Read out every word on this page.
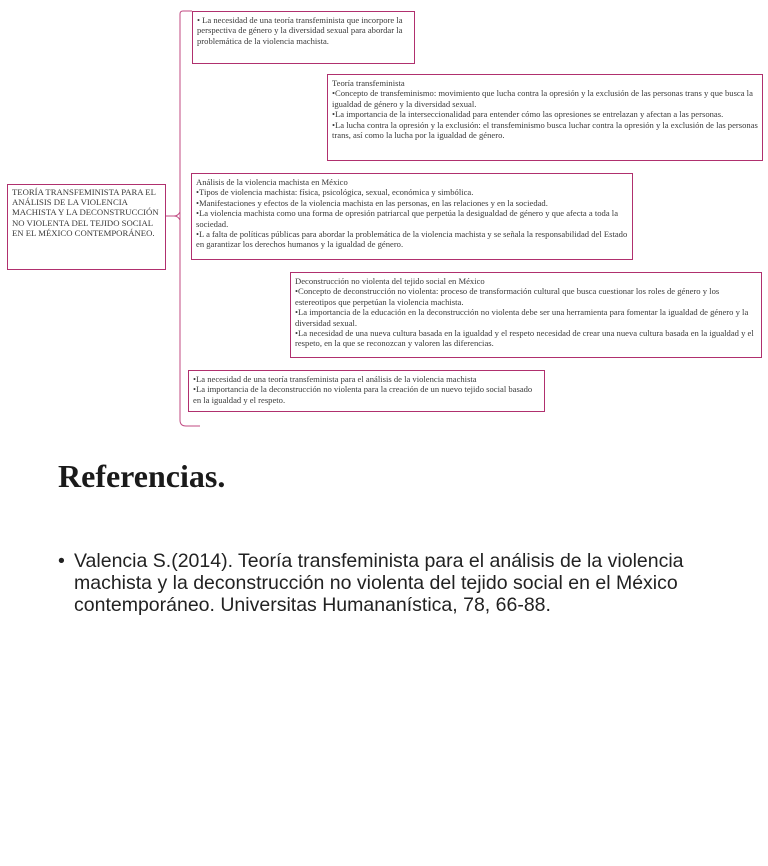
TEORÍA TRANSFEMINISTA PARA EL ANÁLISIS DE LA VIOLENCIA MACHISTA Y LA DECONSTRUCCIÓN NO VIOLENTA DEL TEJIDO SOCIAL EN EL MÉXICO CONTEMPORÁNEO.
• La necesidad de una teoría transfeminista que incorpore la perspectiva de género y la diversidad sexual para abordar la problemática de la violencia machista.
Teoría transfeminista
•Concepto de transfeminismo: movimiento que lucha contra la opresión y la exclusión de las personas trans y que busca la igualdad de género y la diversidad sexual.
•La importancia de la interseccionalidad para entender cómo las opresiones se entrelazan y afectan a las personas.
•La lucha contra la opresión y la exclusión: el transfeminismo busca luchar contra la opresión y la exclusión de las personas trans, así como la lucha por la igualdad de género.
Análisis de la violencia machista en México
•Tipos de violencia machista: física, psicológica, sexual, económica y simbólica.
•Manifestaciones y efectos de la violencia machista en las personas, en las relaciones y en la sociedad.
•La violencia machista como una forma de opresión patriarcal que perpetúa la desigualdad de género y que afecta a toda la sociedad.
•L a falta de políticas públicas para abordar la problemática de la violencia machista y se señala la responsabilidad del Estado en garantizar los derechos humanos y la igualdad de género.
Deconstrucción no violenta del tejido social en México
•Concepto de deconstrucción no violenta: proceso de transformación cultural que busca cuestionar los roles de género y los estereotipos que perpetúan la violencia machista.
•La importancia de la educación en la deconstrucción no violenta debe ser una herramienta para fomentar la igualdad de género y la diversidad sexual.
•La necesidad de una nueva cultura basada en la igualdad y el respeto necesidad de crear una nueva cultura basada en la igualdad y el respeto, en la que se reconozcan y valoren las diferencias.
•La necesidad de una teoría transfeminista para el análisis de la violencia machista
•La importancia de la deconstrucción no violenta para la creación de un nuevo tejido social basado en la igualdad y el respeto.
Referencias.
• Valencia S.(2014). Teoría transfeminista para el análisis de la violencia machista y la deconstrucción no violenta del tejido social en el México contemporáneo. Universitas Humananística, 78, 66-88.
